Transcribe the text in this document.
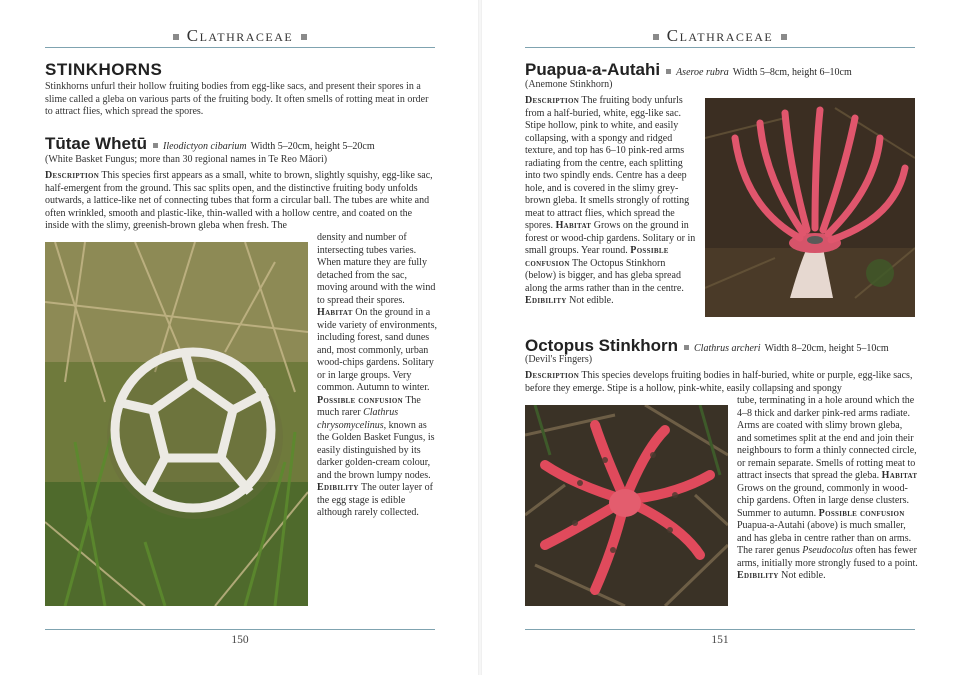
Clathraceae
STINKHORNS
Stinkhorns unfurl their hollow fruiting bodies from egg-like sacs, and present their spores in a slime called a gleba on various parts of the fruiting body. It often smells of rotting meat in order to attract flies, which spread the spores.
Tūtae Whetū Ileodictyon cibarium Width 5–20cm, height 5–20cm
(White Basket Fungus; more than 30 regional names in Te Reo Māori)
Description This species first appears as a small, white to brown, slightly squishy, egg-like sac, half-emergent from the ground. This sac splits open, and the distinctive fruiting body unfolds outwards, a lattice-like net of connecting tubes that form a circular ball. The tubes are white and often wrinkled, smooth and plastic-like, thin-walled with a hollow centre, and coated on the inside with the slimy, greenish-brown gleba when fresh. The
density and number of intersecting tubes varies. When mature they are fully detached from the sac, moving around with the wind to spread their spores. Habitat On the ground in a wide variety of environments, including forest, sand dunes and, most commonly, urban wood-chips gardens. Solitary or in large groups. Very common. Autumn to winter. Possible confusion The much rarer Clathrus chrysomycelinus, known as the Golden Basket Fungus, is easily distinguished by its darker golden-cream colour, and the brown lumpy nodes. Edibility The outer layer of the egg stage is edible although rarely collected.
150
Clathraceae
Puapua-a-Autahi Aseroe rubra Width 5–8cm, height 6–10cm
(Anemone Stinkhorn)
Description The fruiting body unfurls from a half-buried, white, egg-like sac. Stipe hollow, pink to white, and easily collapsing, with a spongy and ridged texture, and top has 6–10 pink-red arms radiating from the centre, each splitting into two spindly ends. Centre has a deep hole, and is covered in the slimy grey-brown gleba. It smells strongly of rotting meat to attract flies, which spread the spores. Habitat Grows on the ground in forest or wood-chip gardens. Solitary or in small groups. Year round. Possible confusion The Octopus Stinkhorn (below) is bigger, and has gleba spread along the arms rather than in the centre. Edibility Not edible.
Octopus Stinkhorn Clathrus archeri Width 8–20cm, height 5–10cm
(Devil's Fingers)
Description This species develops fruiting bodies in half-buried, white or purple, egg-like sacs, before they emerge. Stipe is a hollow, pink-white, easily collapsing and spongy
tube, terminating in a hole around which the 4–8 thick and darker pink-red arms radiate. Arms are coated with slimy brown gleba, and sometimes split at the end and join their neighbours to form a thinly connected circle, or remain separate. Smells of rotting meat to attract insects that spread the gleba. Habitat Grows on the ground, commonly in wood-chip gardens. Often in large dense clusters. Summer to autumn. Possible confusion Puapua-a-Autahi (above) is much smaller, and has gleba in centre rather than on arms. The rarer genus Pseudocolus often has fewer arms, initially more strongly fused to a point. Edibility Not edible.
151
